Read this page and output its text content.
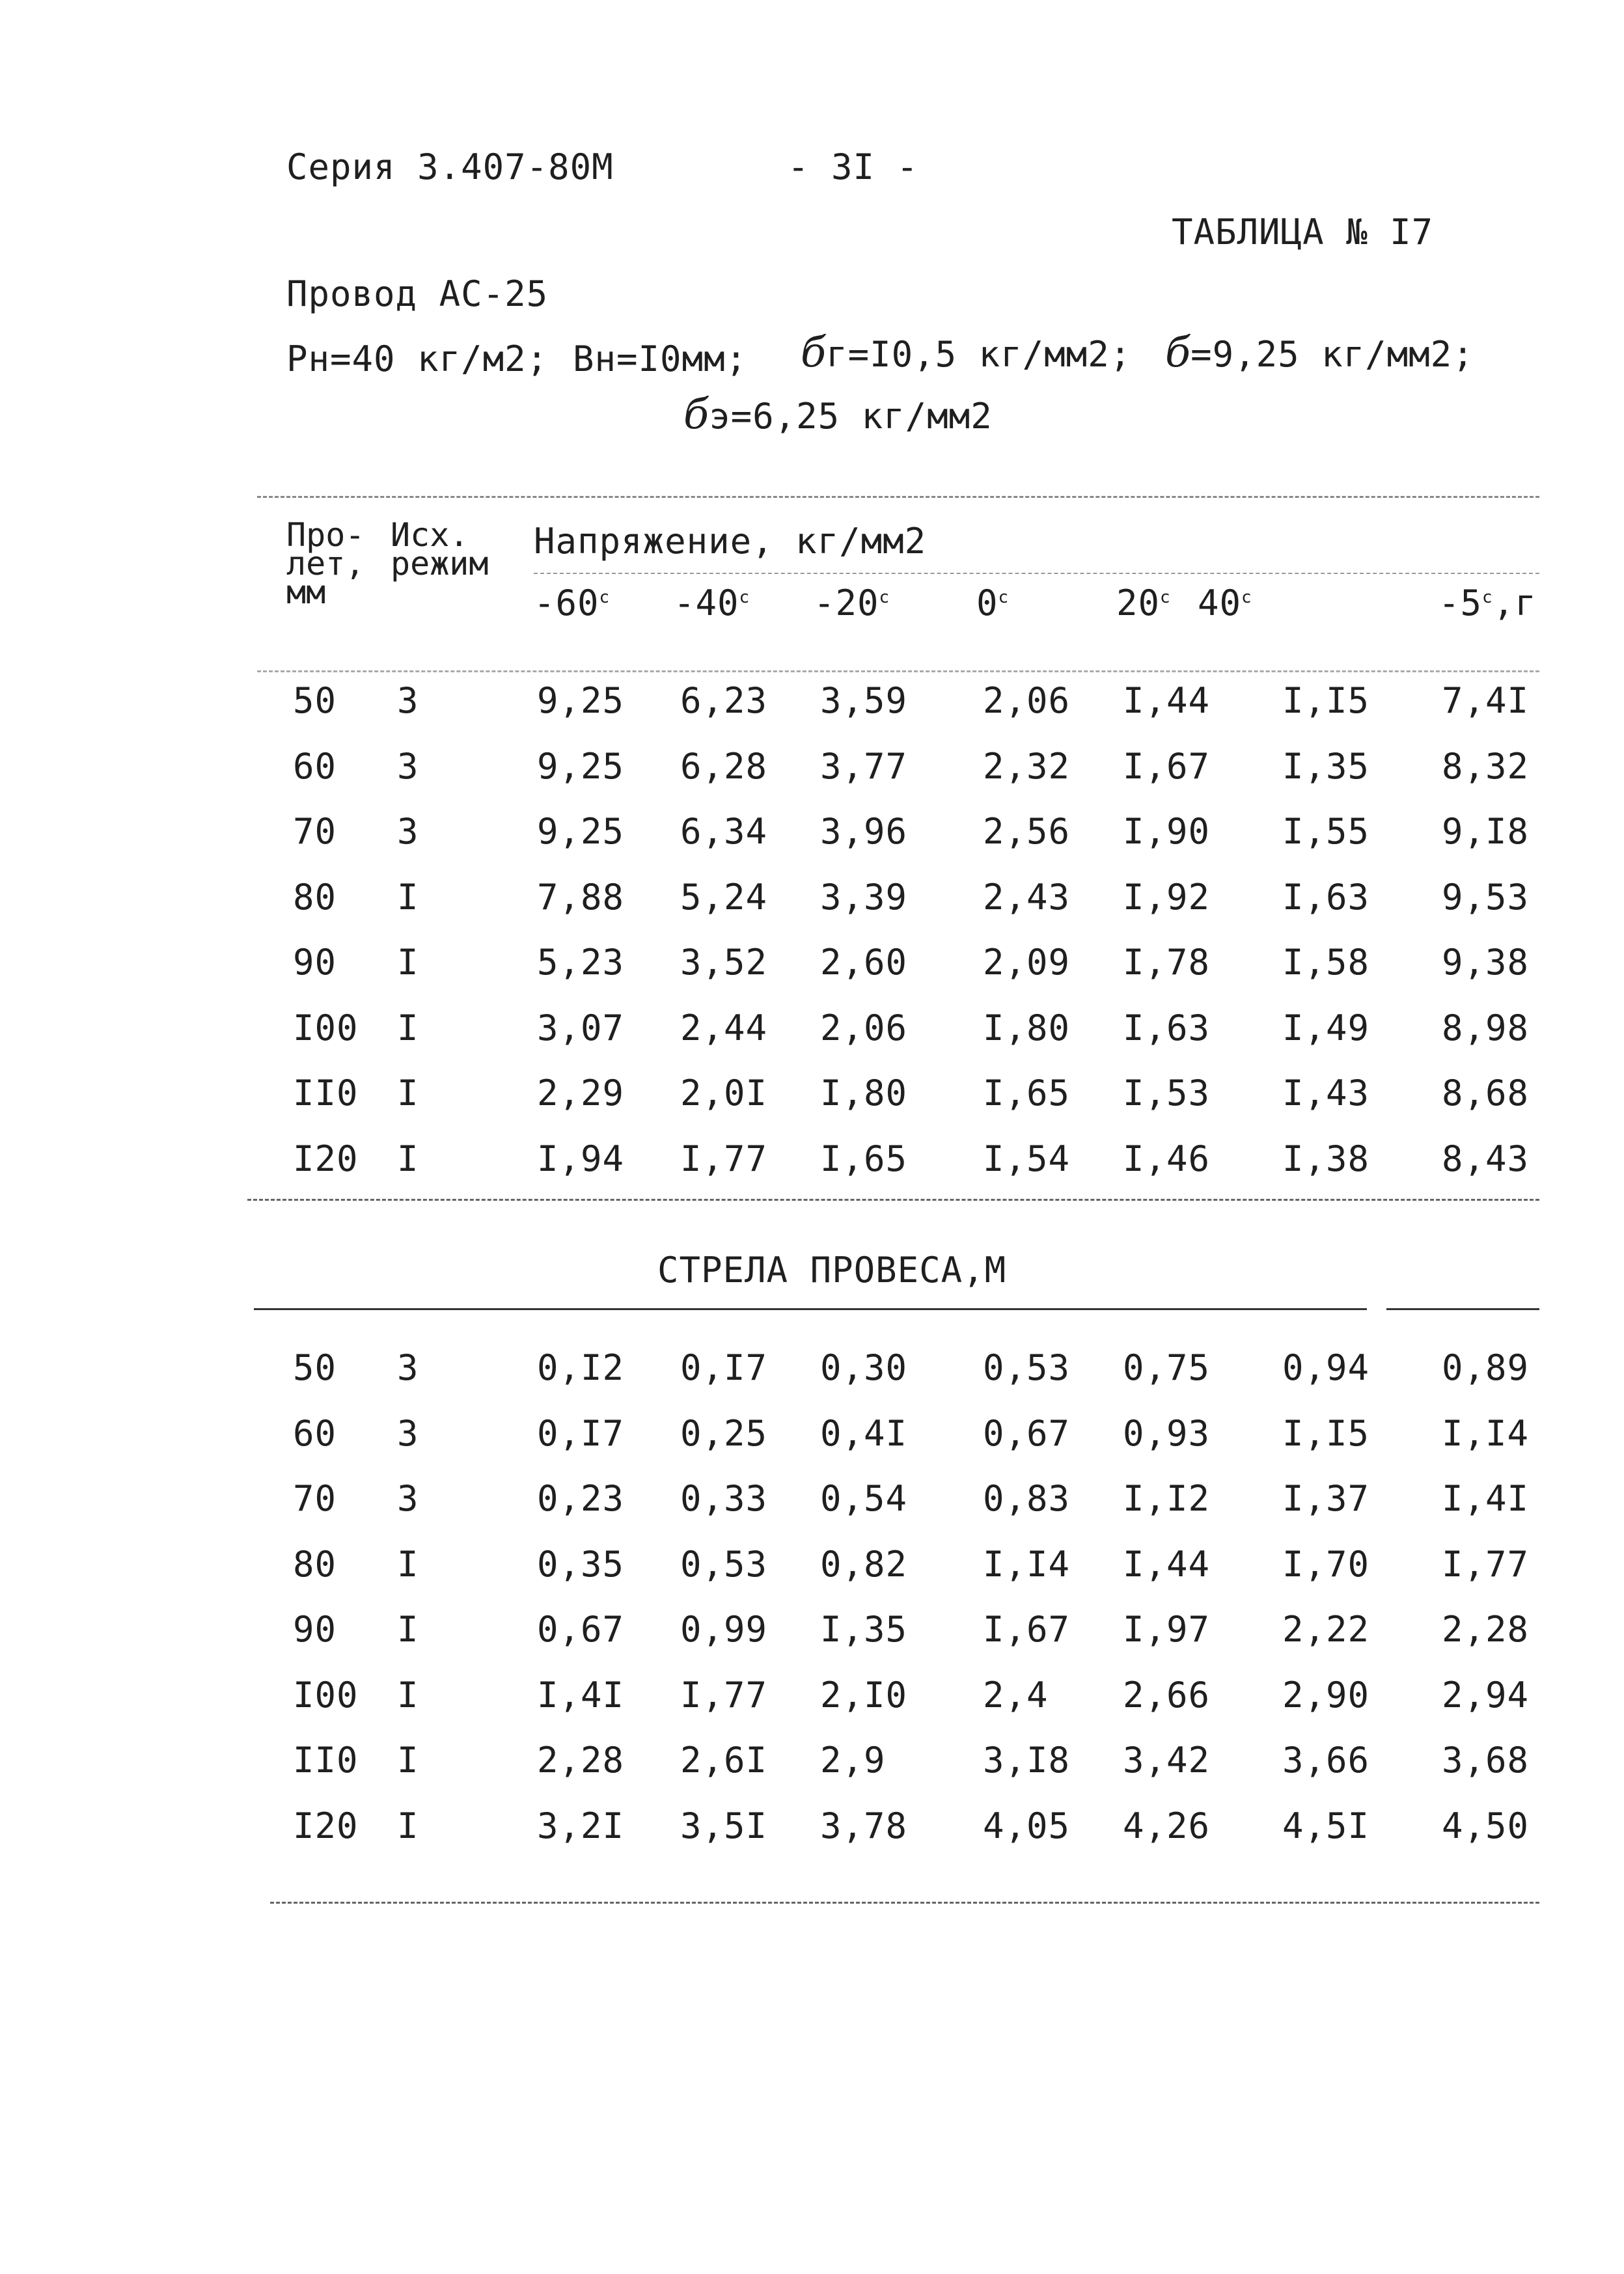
Серия 3.407-80М	- 3I -
ТАБЛИЦА № I7
Провод АС-25
Рн=40 кг/м2; Вн=I0мм; бг=I0,5 кг/мм2; б=9,25 кг/мм2;
бэ=6,25 кг/мм2
Про-
лет,
мм
Исх.
режим
Напряжение, кг/мм2
-60$^c$ -40$^c$ -20$^c$ 0$^c$	20$^c$ 40$^c$	-5$^c$,г
50 3	9,25 6,23 3,59 2,06 I,44 I,I5 7,4I
60 3	9,25 6,28 3,77 2,32 I,67 I,35 8,32
70 3	9,25 6,34 3,96 2,56 I,90 I,55 9,I8
80 I	7,88 5,24 3,39 2,43 I,92 I,63 9,53
90 I	5,23 3,52 2,60 2,09 I,78 I,58 9,38
I00 I	3,07 2,44 2,06 I,80 I,63 I,49 8,98
II0 I	2,29 2,0I I,80 I,65 I,53 I,43 8,68
I20 I	I,94 I,77 I,65 I,54 I,46 I,38 8,43
СТРЕЛА ПРОВЕСА,М
50 3	0,I2 0,I7 0,30 0,53 0,75 0,94 0,89
60 3	0,I7 0,25 0,4I 0,67 0,93 I,I5 I,I4
70 3	0,23 0,33 0,54 0,83 I,I2 I,37 I,4I
80 I	0,35 0,53 0,82 I,I4 I,44 I,70 I,77
90 I	0,67 0,99 I,35 I,67 I,97 2,22 2,28
I00 I	I,4I I,77 2,I0 2,4 2,66 2,90 2,94
II0 I	2,28 2,6I 2,9	3,I8 3,42 3,66 3,68
I20 I	3,2I 3,5I 3,78 4,05 4,26 4,5I 4,50
